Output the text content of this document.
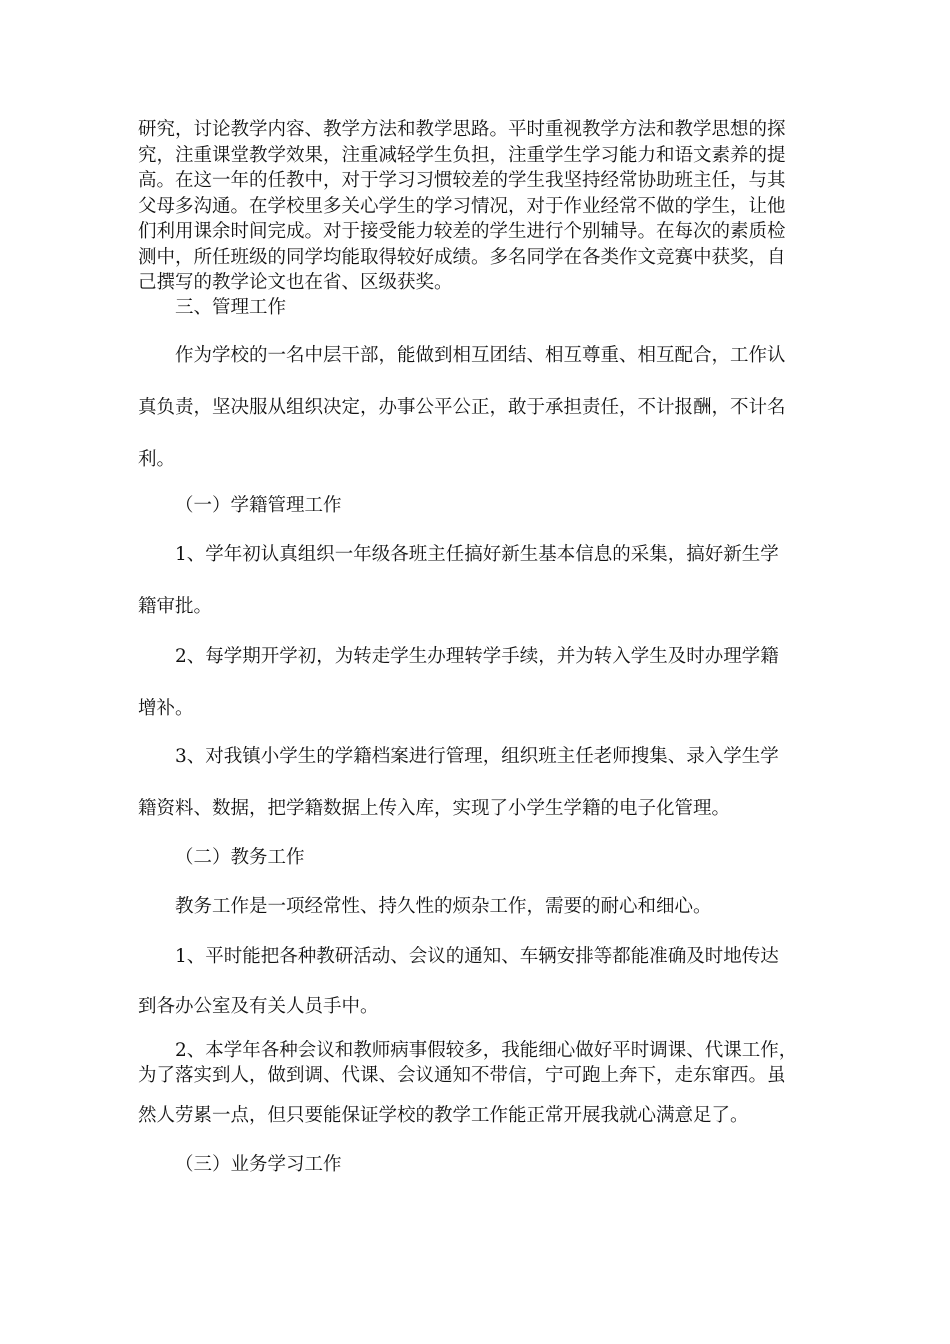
研究，讨论教学内容、教学方法和教学思路。平时重视教学方法和教学思想的探
究，注重课堂教学效果，注重减轻学生负担，注重学生学习能力和语文素养的提
高。在这一年的任教中，对于学习习惯较差的学生我坚持经常协助班主任，与其
父母多沟通。在学校里多关心学生的学习情况，对于作业经常不做的学生，让他
们利用课余时间完成。对于接受能力较差的学生进行个别辅导。在每次的素质检
测中，所任班级的同学均能取得较好成绩。多名同学在各类作文竞赛中获奖，自
己撰写的教学论文也在省、区级获奖。

三、管理工作

作为学校的一名中层干部，能做到相互团结、相互尊重、相互配合，工作认
真负责，坚决服从组织决定，办事公平公正，敢于承担责任，不计报酬，不计名
利。

（一）学籍管理工作

1、学年初认真组织一年级各班主任搞好新生基本信息的采集，搞好新生学
籍审批。

2、每学期开学初，为转走学生办理转学手续，并为转入学生及时办理学籍
增补。

3、对我镇小学生的学籍档案进行管理，组织班主任老师搜集、录入学生学
籍资料、数据，把学籍数据上传入库，实现了小学生学籍的电子化管理。

（二）教务工作

教务工作是一项经常性、持久性的烦杂工作，需要的耐心和细心。

1、平时能把各种教研活动、会议的通知、车辆安排等都能准确及时地传达
到各办公室及有关人员手中。

2、本学年各种会议和教师病事假较多，我能细心做好平时调课、代课工作，
为了落实到人，做到调、代课、会议通知不带信，宁可跑上奔下，走东窜西。虽
然人劳累一点，但只要能保证学校的教学工作能正常开展我就心满意足了。

（三）业务学习工作
